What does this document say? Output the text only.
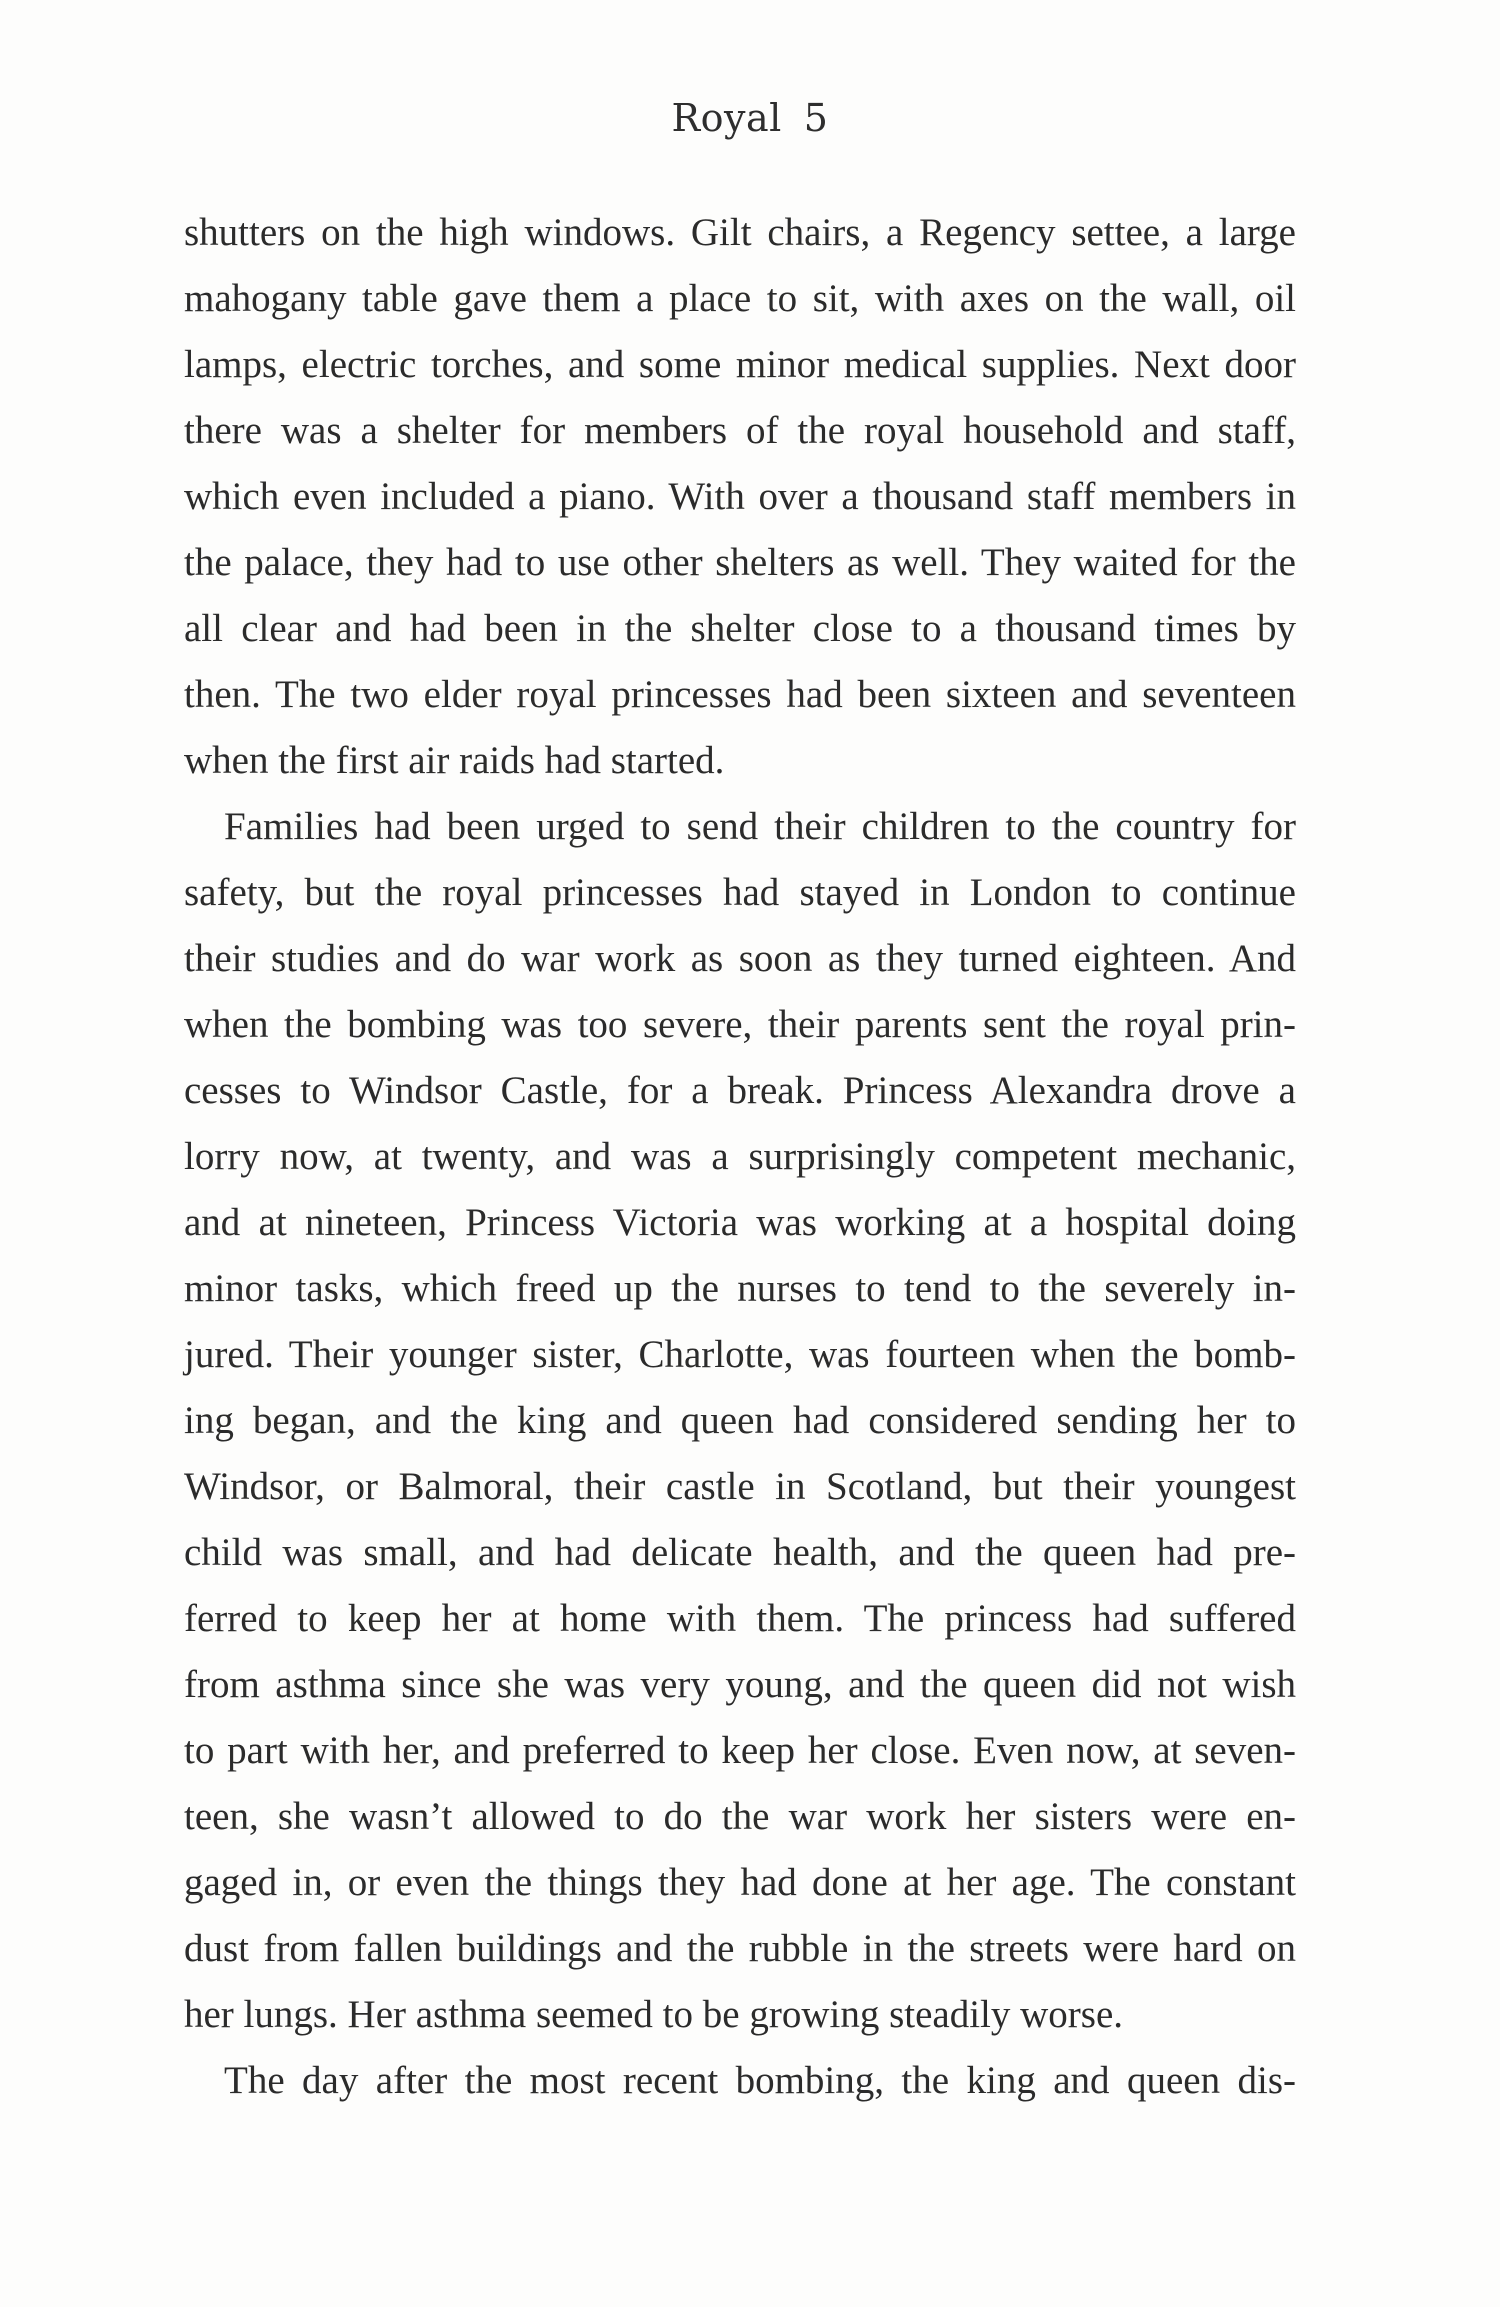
Royal 5

shutters on the high windows. Gilt chairs, a Regency settee, a large
mahogany table gave them a place to sit, with axes on the wall, oil
lamps, electric torches, and some minor medical supplies. Next door
there was a shelter for members of the royal household and staff,
which even included a piano. With over a thousand staff members in
the palace, they had to use other shelters as well. They waited for the
all clear and had been in the shelter close to a thousand times by
then. The two elder royal princesses had been sixteen and seventeen
when the first air raids had started.

Families had been urged to send their children to the country for
safety, but the royal princesses had stayed in London to continue
their studies and do war work as soon as they turned eighteen. And
when the bombing was too severe, their parents sent the royal prin-
cesses to Windsor Castle, for a break. Princess Alexandra drove a
lorry now, at twenty, and was a surprisingly competent mechanic,
and at nineteen, Princess Victoria was working at a hospital doing
minor tasks, which freed up the nurses to tend to the severely in-
jured. Their younger sister, Charlotte, was fourteen when the bomb-
ing began, and the king and queen had considered sending her to
Windsor, or Balmoral, their castle in Scotland, but their youngest
child was small, and had delicate health, and the queen had pre-
ferred to keep her at home with them. The princess had suffered
from asthma since she was very young, and the queen did not wish
to part with her, and preferred to keep her close. Even now, at seven-
teen, she wasn’t allowed to do the war work her sisters were en-
gaged in, or even the things they had done at her age. The constant
dust from fallen buildings and the rubble in the streets were hard on
her lungs. Her asthma seemed to be growing steadily worse.

The day after the most recent bombing, the king and queen dis-
